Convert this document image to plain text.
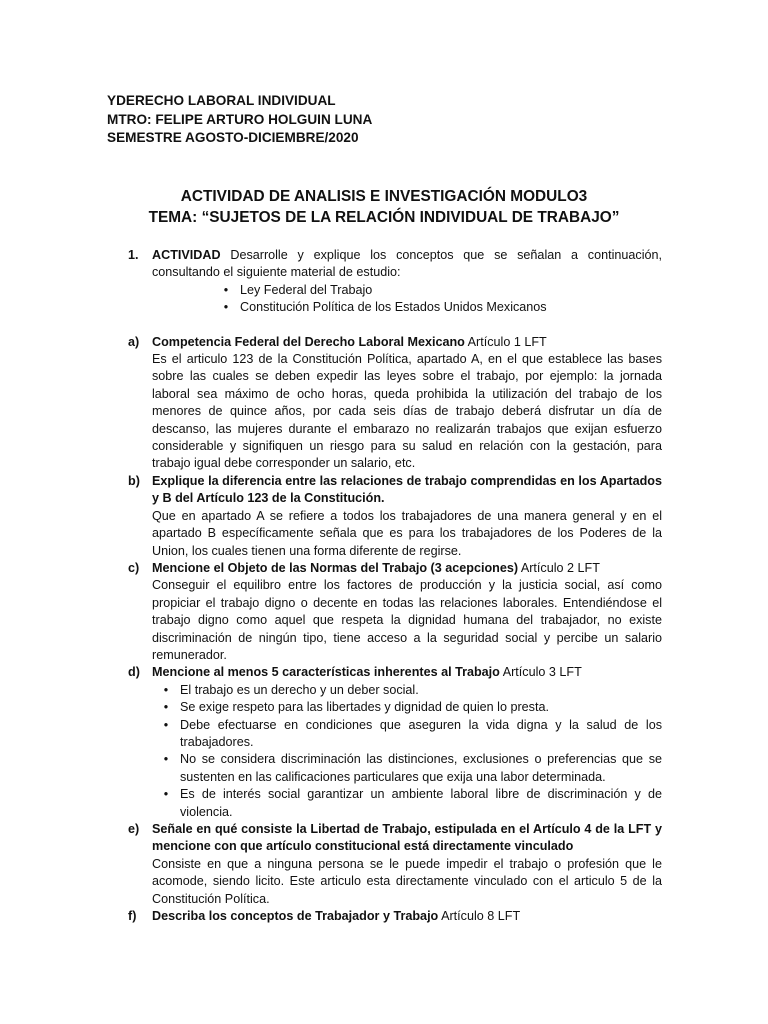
YDERECHO LABORAL INDIVIDUAL
MTRO: FELIPE ARTURO HOLGUIN LUNA
SEMESTRE AGOSTO-DICIEMBRE/2020
ACTIVIDAD DE ANALISIS E INVESTIGACIÓN MODULO3
TEMA: “SUJETOS DE LA RELACIÓN INDIVIDUAL DE TRABAJO”
1.	ACTIVIDAD Desarrolle y explique los conceptos que se señalan a continuación, consultando el siguiente material de estudio:

• Ley Federal del Trabajo
• Constitución Política de los Estados Unidos Mexicanos
a)	Competencia Federal del Derecho Laboral Mexicano Artículo 1 LFT

Es el articulo 123 de la Constitución Política, apartado A, en el que establece las bases sobre las cuales se deben expedir las leyes sobre el trabajo, por ejemplo: la jornada laboral sea máximo de ocho horas, queda prohibida la utilización del trabajo de los menores de quince años, por cada seis días de trabajo deberá disfrutar un día de descanso, las mujeres durante el embarazo no realizarán trabajos que exijan esfuerzo considerable y signifiquen un riesgo para su salud en relación con la gestación, para trabajo igual debe corresponder un salario, etc.

b) Explique la diferencia entre las relaciones de trabajo comprendidas en los Apartados y B del Artículo 123 de la Constitución.

Que en apartado A se refiere a todos los trabajadores de una manera general y en el apartado B específicamente señala que es para los trabajadores de los Poderes de la Union, los cuales tienen una forma diferente de regirse.

c)	Mencione el Objeto de las Normas del Trabajo (3 acepciones) Artículo 2 LFT

Conseguir el equilibro entre los factores de producción y la justicia social, así como propiciar el trabajo digno o decente en todas las relaciones laborales. Entendiéndose el trabajo digno como aquel que respeta la dignidad humana del trabajador, no existe discriminación de ningún tipo, tiene acceso a la seguridad social y percibe un salario remunerador.

d) Mencione al menos 5 características inherentes al Trabajo Artículo 3 LFT

• El trabajo es un derecho y un deber social.
• Se exige respeto para las libertades y dignidad de quien lo presta.
• Debe efectuarse en condiciones que aseguren la vida digna y la salud de los trabajadores.
• No se considera discriminación las distinciones, exclusiones o preferencias que se sustenten en las calificaciones particulares que exija una labor determinada.
• Es de interés social garantizar un ambiente laboral libre de discriminación y de violencia.
e)	Señale en qué consiste la Libertad de Trabajo, estipulada en el Artículo 4 de la LFT y mencione con que artículo constitucional está directamente vinculado

Consiste en que a ninguna persona se le puede impedir el trabajo o profesión que le acomode, siendo licito. Este articulo esta directamente vinculado con el articulo 5 de la Constitución Política.

f)	Describa los conceptos de Trabajador y Trabajo Artículo 8 LFT
